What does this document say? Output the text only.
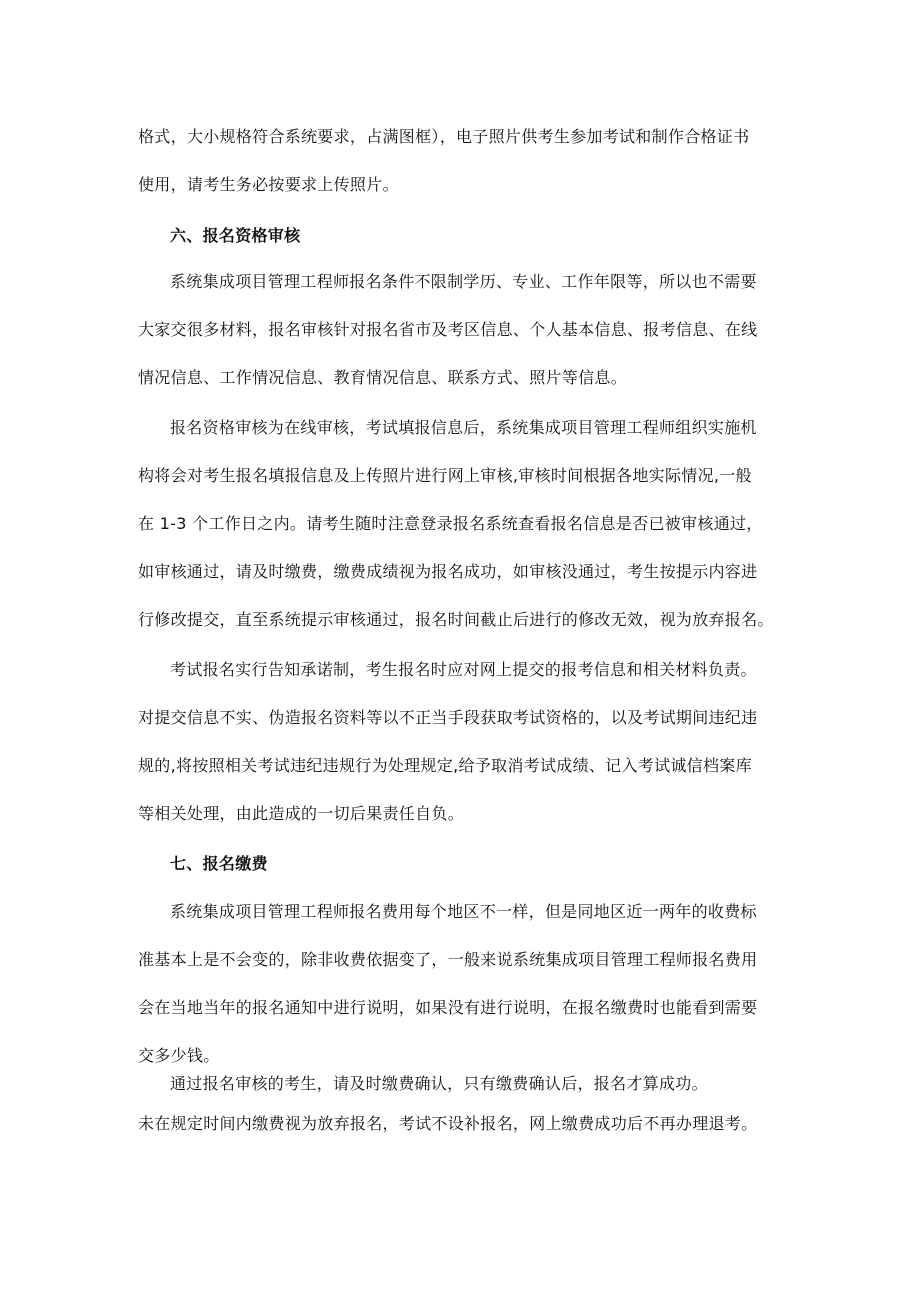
格式，大小规格符合系统要求，占满图框），电子照片供考生参加考试和制作合格证书
使用，请考生务必按要求上传照片。
六、报名资格审核
系统集成项目管理工程师报名条件不限制学历、专业、工作年限等，所以也不需要
大家交很多材料，报名审核针对报名省市及考区信息、个人基本信息、报考信息、在线
情况信息、工作情况信息、教育情况信息、联系方式、照片等信息。
报名资格审核为在线审核，考试填报信息后，系统集成项目管理工程师组织实施机
构将会对考生报名填报信息及上传照片进行网上审核,审核时间根据各地实际情况,一般
在 1-3 个工作日之内。请考生随时注意登录报名系统查看报名信息是否已被审核通过，
如审核通过，请及时缴费，缴费成绩视为报名成功，如审核没通过，考生按提示内容进
行修改提交，直至系统提示审核通过，报名时间截止后进行的修改无效，视为放弃报名。
考试报名实行告知承诺制，考生报名时应对网上提交的报考信息和相关材料负责。
对提交信息不实、伪造报名资料等以不正当手段获取考试资格的，以及考试期间违纪违
规的,将按照相关考试违纪违规行为处理规定,给予取消考试成绩、记入考试诚信档案库
等相关处理，由此造成的一切后果责任自负。
七、报名缴费
系统集成项目管理工程师报名费用每个地区不一样，但是同地区近一两年的收费标
准基本上是不会变的，除非收费依据变了，一般来说系统集成项目管理工程师报名费用
会在当地当年的报名通知中进行说明，如果没有进行说明，在报名缴费时也能看到需要
交多少钱。
通过报名审核的考生，请及时缴费确认，只有缴费确认后，报名才算成功。
未在规定时间内缴费视为放弃报名，考试不设补报名，网上缴费成功后不再办理退考。
